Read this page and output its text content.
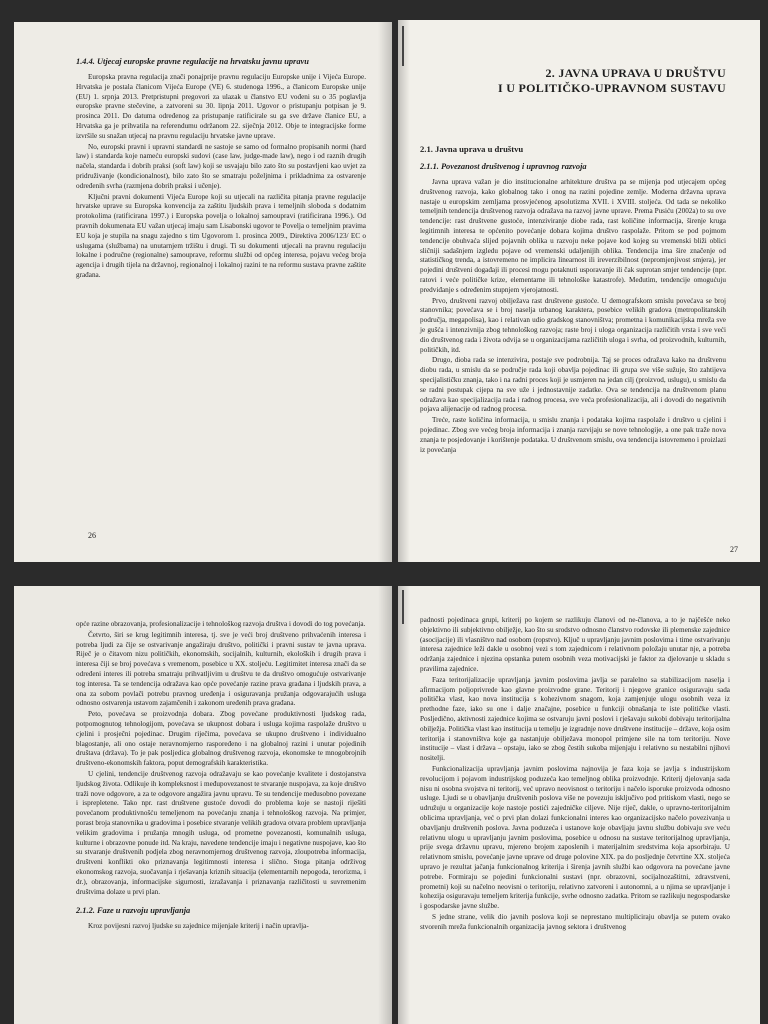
1.4.4. Utjecaj europske pravne regulacije na hrvatsku javnu upravu

Europska pravna regulacija znači ponajprije pravnu regulaciju Europske unije i Vijeća Europe. Hrvatska je postala članicom Vijeća Europe (VE) 6. studenoga 1996., a članicom Europske unije (EU) 1. srpnja 2013. Pretpristupni pregovori za ulazak u članstvo EU vođeni su o 35 poglavlja europske pravne stečevine, a zatvoreni su 30. lipnja 2011. Ugovor o pristupanju potpisan je 9. prosinca 2011. Do datuma određenog za pristupanje ratificirale su ga sve države članice EU, a Hrvatska ga je prihvatila na referendumu održanom 22. siječnja 2012. Obje te integracijske forme izvršile su snažan utjecaj na pravnu regulaciju hrvatske javne uprave.

No, europski pravni i upravni standardi ne sastoje se samo od formalno propisanih normi (hard law) i standarda koje nameću europski sudovi (case law, judge-made law), nego i od raznih drugih načela, standarda i dobrih praksi (soft law) koji se usvajaju bilo zato što su postavljeni kao uvjet za pridruživanje (kondicionalnost), bilo zato što se smatraju poželjnima i prikladnima za ostvarenje određenih svrha (razmjena dobrih praksi i učenje).

Ključni pravni dokumenti Vijeća Europe koji su utjecali na različita pitanja pravne regulacije hrvatske uprave su Europska konvencija za zaštitu ljudskih prava i temeljnih sloboda s dodatnim protokolima (ratificirana 1997.) i Europska povelja o lokalnoj samoupravi (ratificirana 1996.). Od pravnih dokumenata EU važan utjecaj imaju sam Lisabonski ugovor te Povelja o temeljnim pravima EU koja je stupila na snagu zajedno s tim Ugovorom 1. prosinca 2009., Direktiva 2006/123/ EC o uslugama (službama) na unutarnjem tržištu i drugi. Ti su dokumenti utjecali na pravnu regulaciju lokalne i područne (regionalne) samouprave, reformu službi od općeg interesa, pojavu većeg broja agencija i drugih tijela na državnoj, regionalnoj i lokalnoj razini te na reformu sustava pravne zaštite građana.

26
2. JAVNA UPRAVA U DRUŠTVU
I U POLITIČKO-UPRAVNOM SUSTAVU
2.1. Javna uprava u društvu
2.1.1. Povezanost društvenog i upravnog razvoja

Javna uprava važan je dio institucionalne arhitekture društva pa se mijenja pod utjecajem općeg društvenog razvoja, kako globalnog tako i onog na razini pojedine zemlje. Moderna državna uprava nastaje u europskim zemljama prosvjećenog apsolutizma XVII. i XVIII. stoljeća. Od tada se nekoliko temeljnih tendencija društvenog razvoja odražava na razvoj javne uprave. Prema Pusiću (2002a) to su ove tendencije: rast društvene gustoće, intenziviranje diobe rada, rast količine informacija, širenje kruga legitimnih interesa te općenito povećanje dobara kojima društvo raspolaže. Pritom se pod pojmom tendencije obuhvaća slijed pojavnih oblika u razvoju neke pojave kod kojeg su vremenski bliži oblici sličniji sadašnjem izgledu pojave od vremenski udaljenijih oblika. Tendencija ima šire značenje od statističkog trenda, a istovremeno ne implicira linearnost ili ireverzibilnost (nepromjenjivost smjera), jer pojedini društveni događaji ili procesi mogu potaknuti usporavanje ili čak suprotan smjer tendencije (npr. ratovi i veće političke krize, elementarne ili tehnološke katastrofe). Međutim, tendencije omogućuju predviđanje s određenim stupnjem vjerojatnosti.

Prvo, društveni razvoj obilježava rast društvene gustoće. U demografskom smislu povećava se broj stanovnika; povećava se i broj naselja urbanog karaktera, posebice velikih gradova (metropolitanskih područja, megapolisa), kao i relativan udio gradskog stanovništva; prometna i komunikacijska mreža sve je gušća i intenzivnija zbog tehnološkog razvoja; raste broj i uloga organizacija različitih vrsta i sve veći dio društvenog rada i života odvija se u organizacijama različitih uloga i svrha, od proizvodnih, kulturnih, političkih, itd.

Drugo, dioba rada se intenzivira, postaje sve podrobnija. Taj se proces odražava kako na društvenu diobu rada, u smislu da se područje rada koji obavlja pojedinac ili grupa sve više sužuje, što zahtijeva specijalističku znanja, tako i na radni proces koji je usmjeren na jedan cilj (proizvod, uslugu), u smislu da se radni postupak cijepa na sve uže i jednostavnije zadatke. Ova se tendencija na društvenom planu odražava kao specijalizacija rada i radnog procesa, sve veća profesionalizacija, ali i dovodi do negativnih pojava alijenacije od radnog procesa.

Treće, raste količina informacija, u smislu znanja i podataka kojima raspolaže i društvo u cjelini i pojedinac. Zbog sve većeg broja informacija i znanja razvijaju se nove tehnologije, a one pak traže nova znanja te posjedovanje i korištenje podataka. U društvenom smislu, ova tendencija istovremeno i proizlazi iz povećanja

27

opće razine obrazovanja, profesionalizacije i tehnološkog razvoja društva i dovodi do tog povećanja.

Četvrto, širi se krug legitimnih interesa, tj. sve je veći broj društveno prihvaćenih interesa i potreba ljudi za čije se ostvarivanje angažiraju društvo, politički i pravni sustav te javna uprava. Riječ je o čitavom nizu političkih, ekonomskih, socijalnih, kulturnih, ekoloških i drugih prava i interesa čiji se broj povećava s vremenom, posebice u XX. stoljeću. Legitimitet interesa znači da se određeni interes ili potreba smatraju prihvatljivim u društvu te da društvo omogućuje ostvarivanje tog interesa. Ta se tendencija odražava kao opće povećanje razine prava građana i ljudskih prava, a ona za sobom povlači potrebu pravnog uređenja i osiguravanja pružanja odgovarajućih usluga odnosno ostvarenja ustavom zajamčenih i zakonom uređenih prava građana.

Peto, povećava se proizvodnja dobara. Zbog povećane produktivnosti ljudskog rada, potpomognutog tehnologijom, povećava se ukupnost dobara i usluga kojima raspolaže društvo u cjelini i prosječni pojedinac. Drugim riječima, povećava se ukupno društveno i individualno blagostanje, ali ono ostaje neravnomjerno raspoređeno i na globalnoj razini i unutar pojedinih društava (država). To je pak posljedica globalnog društvenog razvoja, ekonomske te mnogobrojnih društveno-ekonomskih faktora, poput demografskih karakteristika.

U cjelini, tendencije društvenog razvoja odražavaju se kao povećanje kvalitete i dostojanstva ljudskog života. Odlikuje ih kompleksnost i međupovezanost te stvaranje nuspojava, za koje društvo traži nove odgovore, a za te odgovore angažira javnu upravu. Te su tendencije međusobno povezane i isprepletene. Tako npr. rast društvene gustoće dovodi do problema koje se nastoji riješiti povećanom produktivnošću temeljenom na povećanju znanja i tehnološkog razvoja. Na primjer, porast broja stanovnika u gradovima i posebice stvaranje velikih gradova otvara problem upravljanja velikim gradovima i pružanja mnogih usluga, od prometne povezanosti, komunalnih usluga, kulturne i obrazovne ponude itd. Na kraju, navedene tendencije imaju i negativne nuspojave, kao što su stvaranje društvenih podjela zbog neravnomjernog društvenog razvoja, zloupotreba informacija, društveni konflikti oko priznavanja legitimnosti interesa i slično. Stoga pitanja održivog ekonomskog razvoja, suočavanja i rješavanja kriznih situacija (elementarnih nepogoda, terorizma, i dr.), obrazovanja, informacijske sigurnosti, izražavanja i priznavanja različitosti u suvremenim društvima dolaze u prvi plan.

2.1.2. Faze u razvoju upravljanja

Kroz povijesni razvoj ljudske su zajednice mijenjale kriterij i način upravlja-

padnosti pojedinaca grupi, kriterij po kojem se razlikuju članovi od ne-članova, a to je najčešće neko objektivno ili subjektivno obilježje, kao što su srodstvo odnosno članstvo rodovske ili plemenske zajednice (asocijacije) ili vlasništvo nad osobom (ropstvo). Ključ u upravljanju javnim poslovima i time ostvarivanju interesa zajednice leži dakle u osobnoj vezi s tom zajednicom i relativnom položaju unutar nje, a potreba održanja zajednice i njezina opstanka putem osobnih veza motivacijski je faktor za djelovanje u skladu s pravilima zajednice.

Faza teritorijalizacije upravljanja javnim poslovima javlja se paralelno sa stabilizacijom naselja i afirmacijom poljoprivrede kao glavne proizvodne grane. Teritorij i njegove granice osiguravaju sada politička vlast, kao nova institucija s kohezivnom snagom, koja zamjenjuje ulogu osobnih veza iz prethodne faze, iako su one i dalje značajne, posebice u funkciji obnašanja te iste političke vlasti. Posljedično, aktivnosti zajednice kojima se ostvaruju javni poslovi i rješavaju sukobi dobivaju teritorijalna obilježja. Politička vlast kao institucija u temelju je izgradnje nove društvene institucije – države, koja osim teritorija i stanovništva koje ga nastanjuje obilježava monopol primjene sile na tom teritoriju. Nove institucije – vlast i država – opstaju, iako se zbog čestih sukoba mijenjaju i relativno su nestabilni njihovi nositelji.

Funkcionalizacija upravljanja javnim poslovima najnovija je faza koja se javlja s industrijskom revolucijom i pojavom industrijskog poduzeća kao temeljnog oblika proizvodnje. Kriterij djelovanja sada nisu ni osobna svojstva ni teritorij, već upravo neovisnost o teritoriju i načelo isporuke proizvoda odnosno usluge. Ljudi se u obavljanju društvenih poslova više ne povezuju isključivo pod pritiskom vlasti, nego se udružuju u organizacije koje nastoje postići zajedničke ciljeve. Nije riječ, dakle, o upravno-teritorijalnim oblicima upravljanja, već o prvi plan dolazi funkcionalni interes kao organizacijsko načelo povezivanja u obavljanju društvenih poslova. Javna poduzeća i ustanove koje obavljaju javnu službu dobivaju sve veću relativnu ulogu u upravljanju javnim poslovima, posebice u odnosu na sustave teritorijalnog upravljanja, prije svega državnu upravu, mjereno brojem zaposlenih i materijalnim sredstvima koja apsorbiraju. U relativnom smislu, povećanje javne uprave od druge polovine XIX. pa do posljednje četvrtine XX. stoljeća upravo je rezultat jačanja funkcionalnog kriterija i širenja javnih službi kao odgovora na povećane javne potrebe. Formiraju se pojedini funkcionalni sustavi (npr. obrazovni, socijalnozaštitni, zdravstveni, prometni) koji su načelno neovisni o teritoriju, relativno zatvoreni i autonomni, a u njima se upravljanje i kohezija osiguravaju temeljem kriterija funkcije, svrhe odnosno zadatka. Pritom se razlikuju negospodarske i gospodarske javne službe.

S jedne strane, velik dio javnih poslova koji se neprestano multipliciraju obavlja se putem ovako stvorenih mreža funkcionalnih organizacija javnog sektora i društvenog
